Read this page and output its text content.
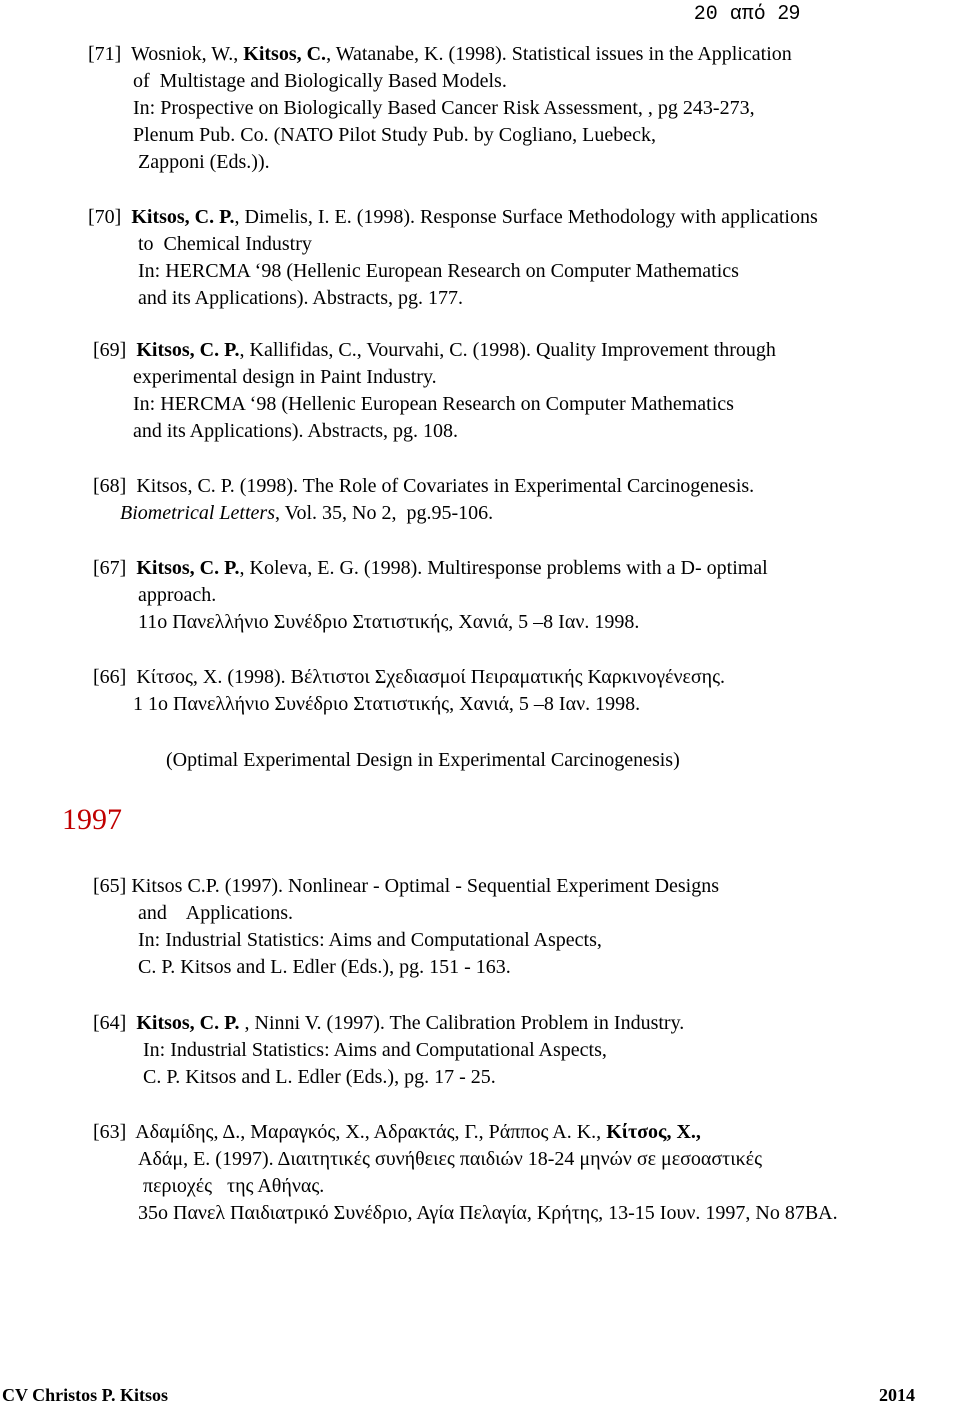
20 από 29
[71]  Wosniok, W., Kitsos, C., Watanabe, K. (1998). Statistical issues in the Application
of  Multistage and Biologically Based Models.
In: Prospective on Biologically Based Cancer Risk Assessment, , pg 243-273,
Plenum Pub. Co. (NATO Pilot Study Pub. by Cogliano, Luebeck,
Zapponi (Eds.)).
[70]  Kitsos, C. P., Dimelis, I. E. (1998). Response Surface Methodology with applications
to  Chemical Industry
In: HERCMA ‘98 (Hellenic European Research on Computer Mathematics
and its Applications). Abstracts, pg. 177.
[69]  Kitsos, C. P., Kallifidas, C., Vourvahi, C. (1998). Quality Improvement through
experimental design in Paint Industry.
In: HERCMA ‘98 (Hellenic European Research on Computer Mathematics
and its Applications). Abstracts, pg. 108.
[68]  Kitsos, C. P. (1998). The Role of Covariates in Experimental Carcinogenesis.
Biometrical Letters, Vol. 35, No 2,  pg.95-106.
[67]  Kitsos, C. P., Koleva, E. G. (1998). Multiresponse problems with a D- optimal
approach.
11ο Πανελλήνιο Συνέδριο Στατιστικής, Χανιά, 5 –8 Ιαν. 1998.
[66]  Κίτσος, Χ. (1998). Βέλτιστοι Σχεδιασμοί Πειραματικής Καρκινογένεσης.
1 1ο Πανελλήνιο Συνέδριο Στατιστικής, Χανιά, 5 –8 Ιαν. 1998.
[65] Kitsos C.P. (1997). Nonlinear - Optimal - Sequential Experiment Designs
and    Applications.
In: Industrial Statistics: Aims and Computational Aspects,
C. P. Kitsos and L. Edler (Eds.), pg. 151 - 163.
[64]  Kitsos, C. P. , Ninni V. (1997). The Calibration Problem in Industry.
In: Industrial Statistics: Aims and Computational Aspects,
C. P. Kitsos and L. Edler (Eds.), pg. 17 - 25.
[63]  Αδαμίδης, Δ., Μαραγκός, Χ., Αδρακτάς, Γ., Ράππος Α. Κ., Κίτσος, Χ.,
Αδάμ, Ε. (1997). Διαιτητικές συνήθειες παιδιών 18-24 μηνών σε μεσοαστικές
περιοχές   της Αθήνας.
35ο Πανελ Παιδιατρικό Συνέδριο, Αγία Πελαγία, Κρήτης, 13-15 Ιουν. 1997, Νο 87ΒΑ.
(Optimal Experimental Design in Experimental Carcinogenesis)
1997
CV Christos P. Kitsos	2014
